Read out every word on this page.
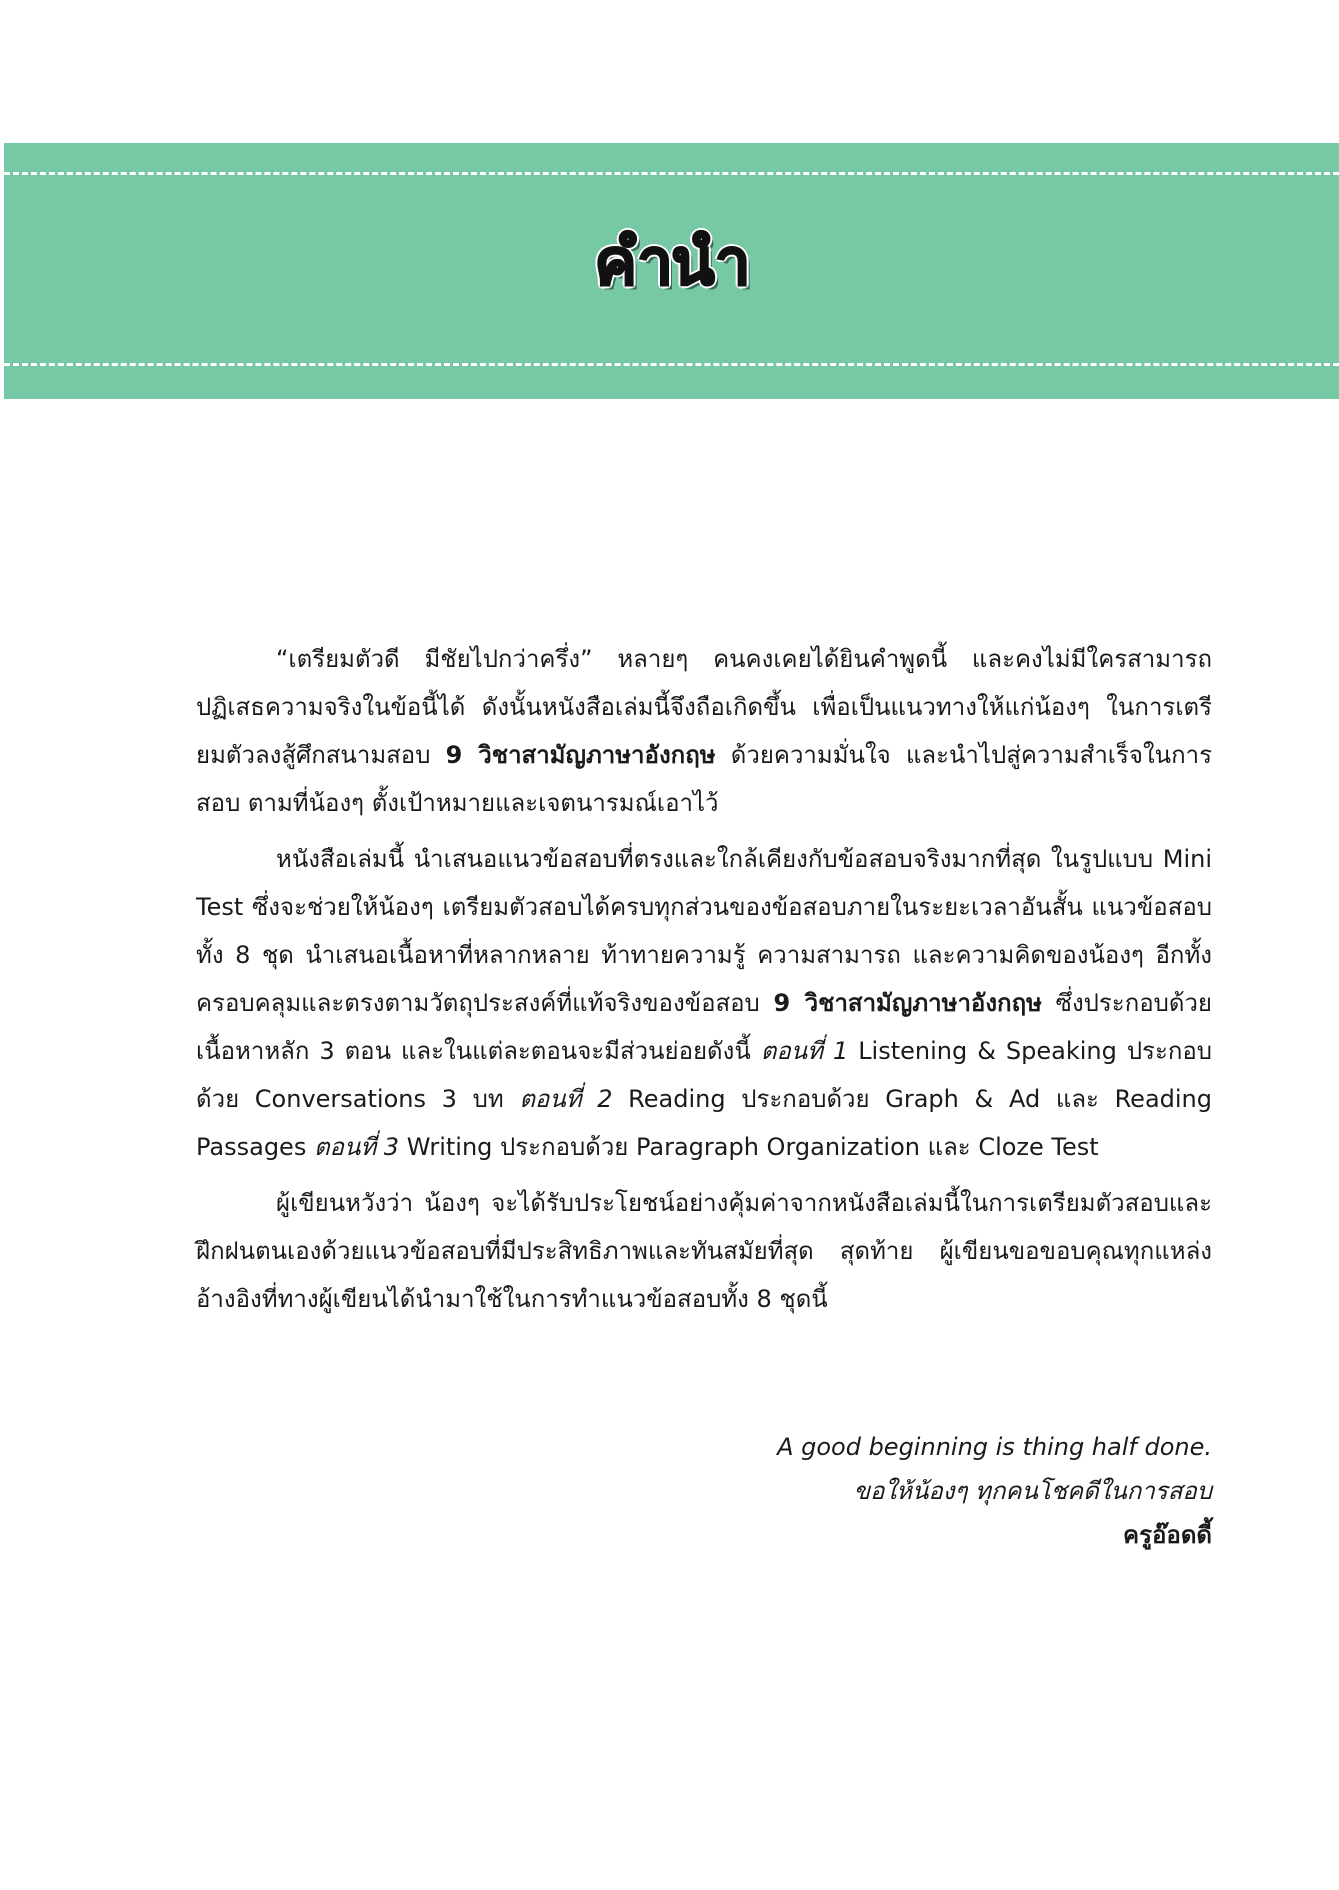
คำนำ

“เตรียมตัวดี มีชัยไปกว่าครึ่ง” หลายๆ คนคงเคยได้ยินคำพูดนี้ และคงไม่มีใครสามารถปฏิเสธความจริงในข้อนี้ได้ ดังนั้นหนังสือเล่มนี้จึงถือเกิดขึ้น เพื่อเป็นแนวทางให้แก่น้องๆ ในการเตรียมตัวลงสู้ศึกสนามสอบ 9 วิชาสามัญภาษาอังกฤษ ด้วยความมั่นใจ และนำไปสู่ความสำเร็จในการสอบ ตามที่น้องๆ ตั้งเป้าหมายและเจตนารมณ์เอาไว้

หนังสือเล่มนี้ นำเสนอแนวข้อสอบที่ตรงและใกล้เคียงกับข้อสอบจริงมากที่สุด ในรูปแบบ Mini Test ซึ่งจะช่วยให้น้องๆ เตรียมตัวสอบได้ครบทุกส่วนของข้อสอบภายในระยะเวลาอันสั้น แนวข้อสอบทั้ง 8 ชุด นำเสนอเนื้อหาที่หลากหลาย ท้าทายความรู้ ความสามารถ และความคิดของน้องๆ อีกทั้งครอบคลุมและตรงตามวัตถุประสงค์ที่แท้จริงของข้อสอบ 9 วิชาสามัญภาษาอังกฤษ ซึ่งประกอบด้วยเนื้อหาหลัก 3 ตอน และในแต่ละตอนจะมีส่วนย่อยดังนี้ ตอนที่ 1 Listening & Speaking ประกอบด้วย Conversations 3 บท ตอนที่ 2 Reading ประกอบด้วย Graph & Ad และ Reading Passages ตอนที่ 3 Writing ประกอบด้วย Paragraph Organization และ Cloze Test

ผู้เขียนหวังว่า น้องๆ จะได้รับประโยชน์อย่างคุ้มค่าจากหนังสือเล่มนี้ในการเตรียมตัวสอบและฝึกฝนตนเองด้วยแนวข้อสอบที่มีประสิทธิภาพและทันสมัยที่สุด สุดท้าย ผู้เขียนขอขอบคุณทุกแหล่งอ้างอิงที่ทางผู้เขียนได้นำมาใช้ในการทำแนวข้อสอบทั้ง 8 ชุดนี้

A good beginning is thing half done.
ขอให้น้องๆ ทุกคนโชคดีในการสอบ
ครูอ๊อดดี้
